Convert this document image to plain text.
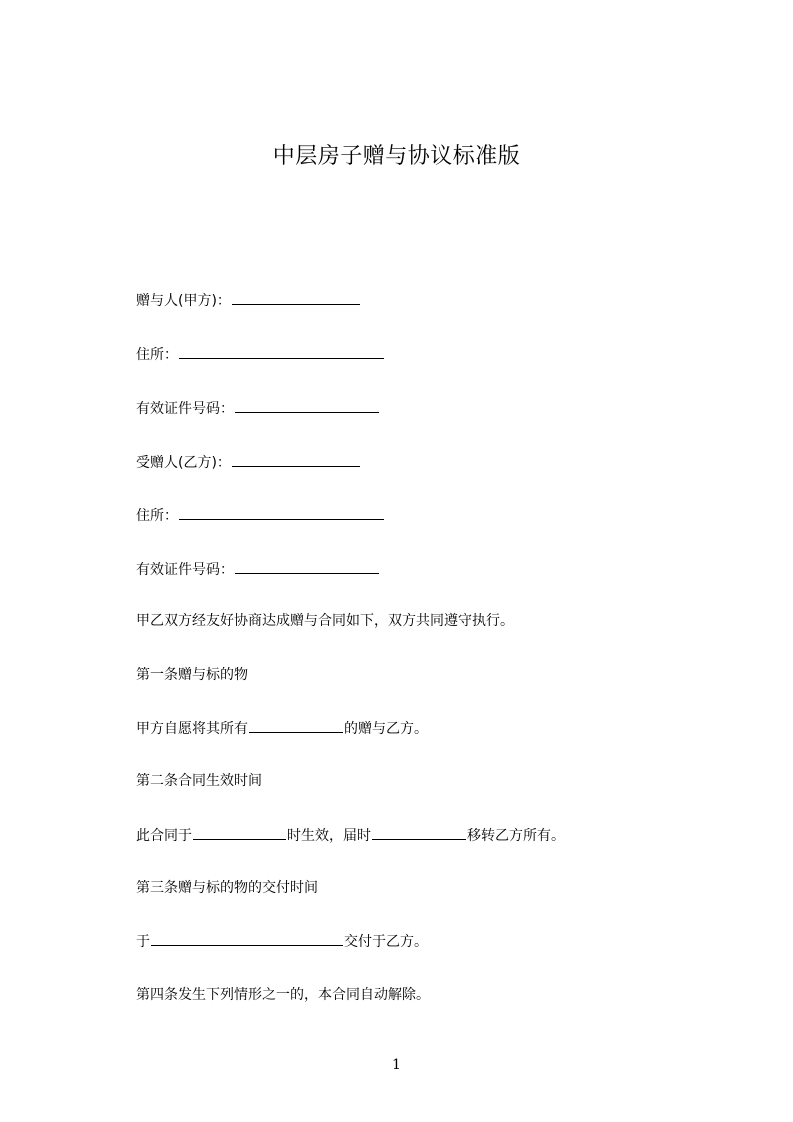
中层房子赠与协议标准版
赠与人(甲方)：
住所：
有效证件号码：
受赠人(乙方)：
住所：
有效证件号码：
甲乙双方经友好协商达成赠与合同如下，双方共同遵守执行。
第一条赠与标的物
甲方自愿将其所有	的赠与乙方。
第二条合同生效时间
此合同于	时生效，届时	移转乙方所有。
第三条赠与标的物的交付时间
于	交付于乙方。
第四条发生下列情形之一的，本合同自动解除。
1
